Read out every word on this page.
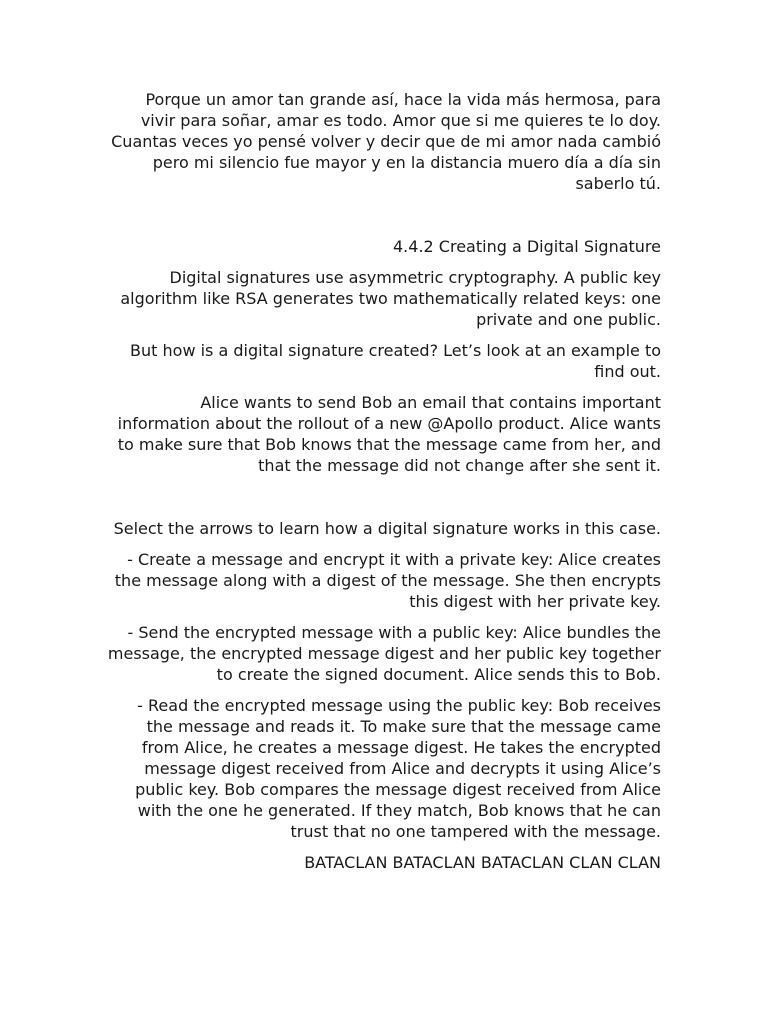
Porque un amor tan grande así, hace la vida más hermosa, para vivir para soñar, amar es todo. Amor que si me quieres te lo doy. Cuantas veces yo pensé volver y decir que de mi amor nada cambió pero mi silencio fue mayor y en la distancia muero día a día sin saberlo tú.

4.4.2 Creating a Digital Signature

Digital signatures use asymmetric cryptography. A public key algorithm like RSA generates two mathematically related keys: one private and one public.

But how is a digital signature created? Let’s look at an example to find out.

Alice wants to send Bob an email that contains important information about the rollout of a new @Apollo product. Alice wants to make sure that Bob knows that the message came from her, and that the message did not change after she sent it.

Select the arrows to learn how a digital signature works in this case.

- Create a message and encrypt it with a private key: Alice creates the message along with a digest of the message. She then encrypts this digest with her private key.

- Send the encrypted message with a public key: Alice bundles the message, the encrypted message digest and her public key together to create the signed document. Alice sends this to Bob.

- Read the encrypted message using the public key: Bob receives the message and reads it. To make sure that the message came from Alice, he creates a message digest. He takes the encrypted message digest received from Alice and decrypts it using Alice’s public key. Bob compares the message digest received from Alice with the one he generated. If they match, Bob knows that he can trust that no one tampered with the message.

BATACLAN BATACLAN BATACLAN CLAN CLAN
